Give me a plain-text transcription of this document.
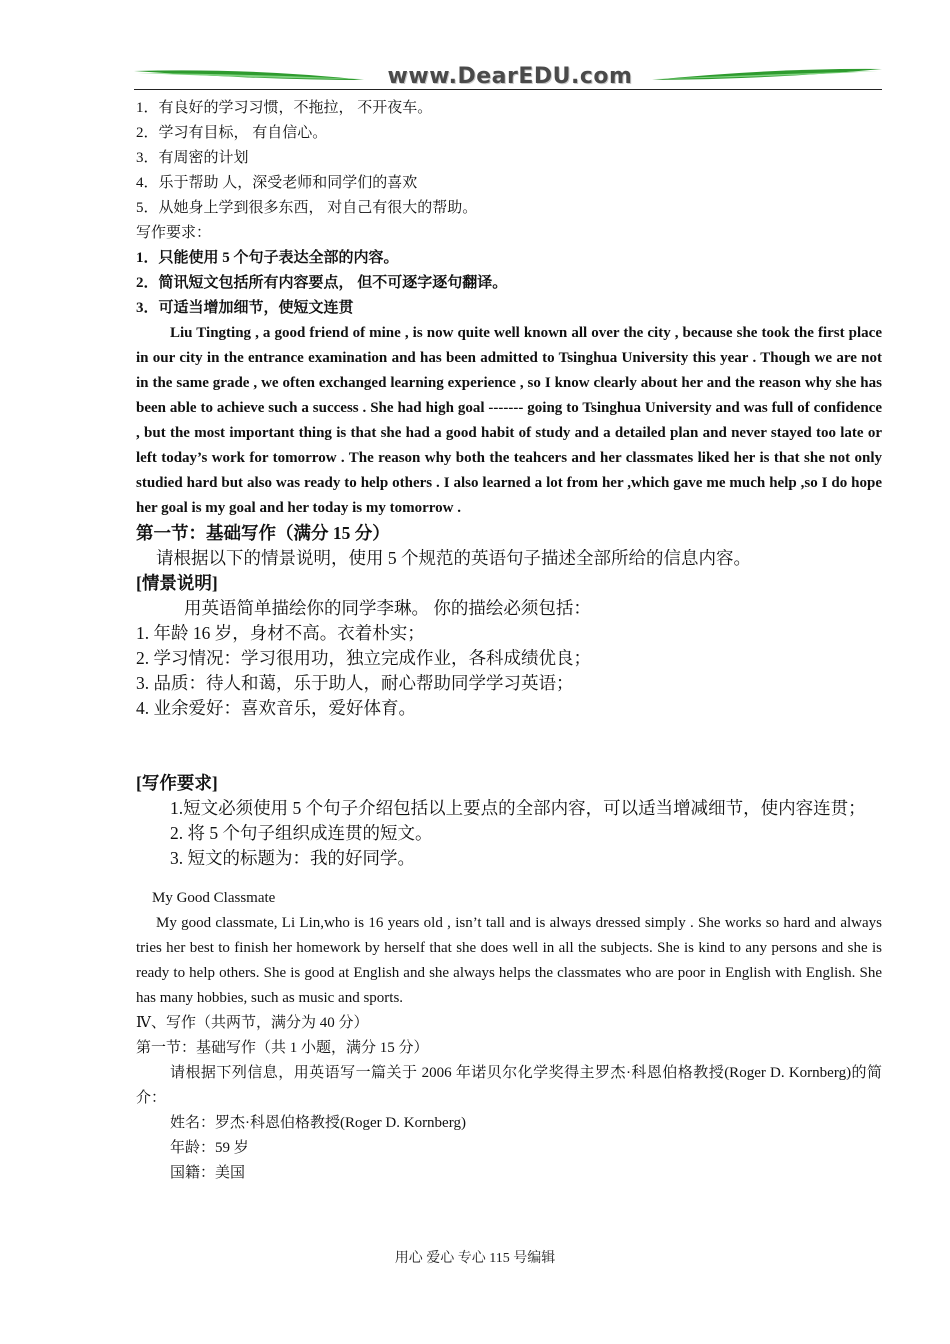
www.DearEDU.com

1．有良好的学习习惯，不拖拉， 不开夜车。

2．学习有目标， 有自信心。

3．有周密的计划

4．乐于帮助 人，深受老师和同学们的喜欢

5．从她身上学到很多东西， 对自己有很大的帮助。

写作要求：

1．只能使用 5 个句子表达全部的内容。

2．简讯短文包括所有内容要点， 但不可逐字逐句翻译。

3．可适当增加细节，使短文连贯

Liu Tingting , a good friend of mine , is now quite well known all over the city , because she took the first place in our city in the entrance examination and has been admitted to Tsinghua University this year . Though we are not in the same grade , we often exchanged learning experience , so I know clearly about her and the reason why she has been able to achieve such a success . She had high goal ------- going to Tsinghua University and was full of confidence , but the most important thing is that she had a good habit of study and a detailed plan and never stayed too late or left today’s work for tomorrow . The reason why both the teahcers and her classmates liked her is that she not only studied hard but also was ready to help others . I also learned a lot from her ,which gave me much help ,so I do hope her goal is my goal and her today is my tomorrow .

第一节：基础写作（满分 15 分）

请根据以下的情景说明，使用 5 个规范的英语句子描述全部所给的信息内容。

[情景说明]

用英语简单描绘你的同学李琳。 你的描绘必须包括：

1. 年龄 16 岁，身材不高。衣着朴实；

2. 学习情况：学习很用功，独立完成作业，各科成绩优良；

3. 品质：待人和蔼，乐于助人，耐心帮助同学学习英语；

4. 业余爱好：喜欢音乐，爱好体育。

[写作要求]

1.短文必须使用 5 个句子介绍包括以上要点的全部内容，可以适当增减细节，使内容连贯；

2. 将 5 个句子组织成连贯的短文。

3. 短文的标题为：我的好同学。

My Good Classmate

My good classmate, Li Lin,who is 16 years old , isn’t tall and is always dressed simply . She works so hard and always tries her best to finish her homework by herself that she does well in all the subjects. She is kind to any persons and she is ready to help others. She is good at English and she always helps the classmates who are poor in English with English. She has many hobbies, such as music and sports.

Ⅳ、写作（共两节，满分为 40 分）

第一节：基础写作（共 1 小题，满分 15 分）

请根据下列信息，用英语写一篇关于 2006 年诺贝尔化学奖得主罗杰·科恩伯格教授(Roger D. Kornberg)的简介：

姓名：罗杰·科恩伯格教授(Roger D. Kornberg)

年龄：59 岁

国籍：美国

用心 爱心 专心 115 号编辑
